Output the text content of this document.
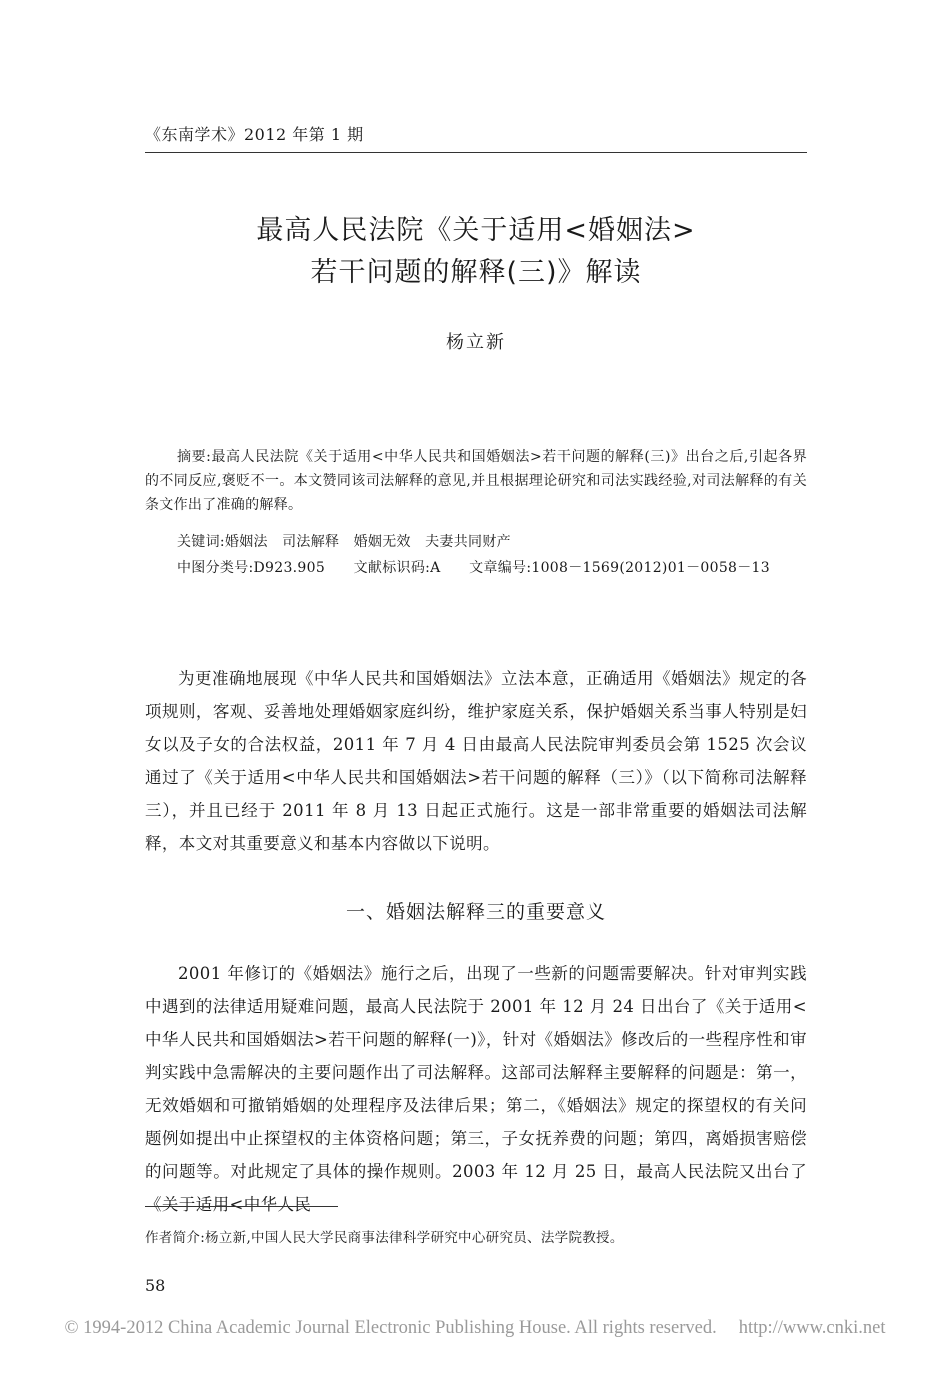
《东南学术》2012 年第 1 期
最高人民法院《关于适用<婚姻法>
若干问题的解释(三)》解读
杨立新
摘要:最高人民法院《关于适用<中华人民共和国婚姻法>若干问题的解释(三)》出台之后,引起各界的不同反应,褒贬不一。本文赞同该司法解释的意见,并且根据理论研究和司法实践经验,对司法解释的有关条文作出了准确的解释。
关键词:婚姻法　司法解释　婚姻无效　夫妻共同财产
中图分类号:D923.905　　文献标识码:A　　文章编号:1008－1569(2012)01－0058－13
为更准确地展现《中华人民共和国婚姻法》立法本意，正确适用《婚姻法》规定的各项规则，客观、妥善地处理婚姻家庭纠纷，维护家庭关系，保护婚姻关系当事人特别是妇女以及子女的合法权益，2011 年 7 月 4 日由最高人民法院审判委员会第 1525 次会议通过了《关于适用<中华人民共和国婚姻法>若干问题的解释（三）》（以下简称司法解释三），并且已经于 2011 年 8 月 13 日起正式施行。这是一部非常重要的婚姻法司法解释，本文对其重要意义和基本内容做以下说明。
一、婚姻法解释三的重要意义
2001 年修订的《婚姻法》施行之后，出现了一些新的问题需要解决。针对审判实践中遇到的法律适用疑难问题，最高人民法院于 2001 年 12 月 24 日出台了《关于适用<中华人民共和国婚姻法>若干问题的解释(一)》，针对《婚姻法》修改后的一些程序性和审判实践中急需解决的主要问题作出了司法解释。这部司法解释主要解释的问题是：第一，无效婚姻和可撤销婚姻的处理程序及法律后果；第二，《婚姻法》规定的探望权的有关问题例如提出中止探望权的主体资格问题；第三，子女抚养费的问题；第四，离婚损害赔偿的问题等。对此规定了具体的操作规则。2003 年 12 月 25 日，最高人民法院又出台了《关于适用<中华人民
作者简介:杨立新,中国人民大学民商事法律科学研究中心研究员、法学院教授。
58
© 1994-2012 China Academic Journal Electronic Publishing House. All rights reserved. http://www.cnki.net
